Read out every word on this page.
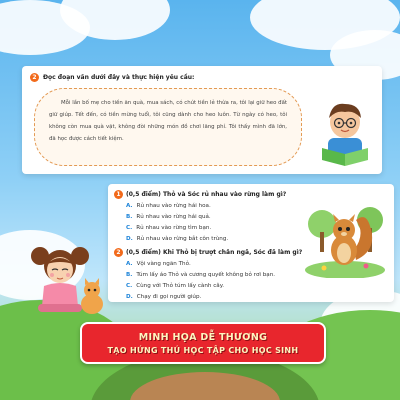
2	Đọc đoạn văn dưới đây và thực hiện yêu cầu:
Mỗi lần bố mẹ cho tiền ăn quà, mua sách, có chút tiền lẻ thừa ra, tôi lại giữ heo đất giữ giúp. Tết đến, có tiền mừng tuổi, tôi cũng dành cho heo luôn. Từ ngày có heo, tôi không còn mua quà vặt, không đòi những món đồ chơi lãng phí. Tôi thấy mình đã lớn, đã học được cách tiết kiệm.
1 (0,5 điểm) Thỏ và Sóc rủ nhau vào rừng làm gì?
A. Rủ nhau vào rừng hái hoa.
B. Rủ nhau vào rừng hái quả.
C. Rủ nhau vào rừng tìm bạn.
D. Rủ nhau vào rừng bắt côn trùng.
2 (0,5 điểm) Khi Thỏ bị trượt chân ngã, Sóc đã làm gì?
A. Vội vàng ngăn Thỏ.
B. Túm lấy áo Thỏ và cương quyết không bỏ rơi bạn.
C. Cùng với Thỏ túm lấy cành cây.
D. Chạy đi gọi người giúp.
MINH HỌA DỄ THƯƠNG
TẠO HỨNG THÚ HỌC TẬP CHO HỌC SINH
